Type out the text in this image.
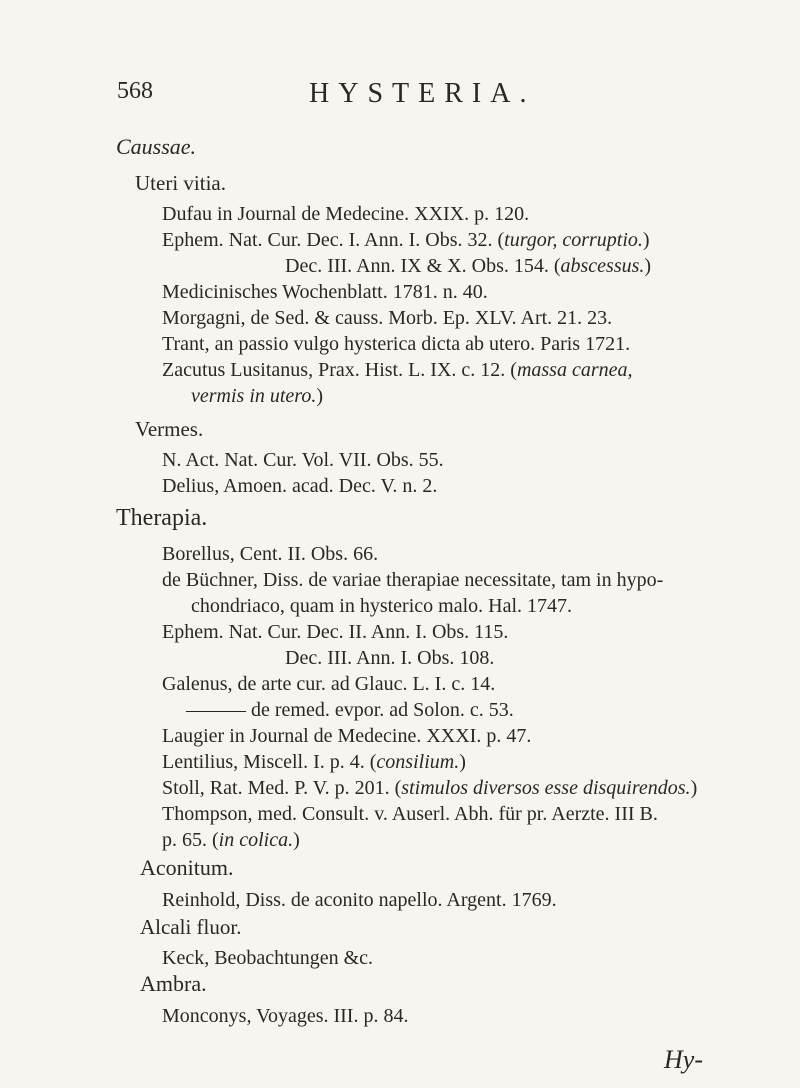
568	HYSTERIA.
Caussae.
Uteri vitia.
Dufau in Journal de Medecine. XXIX. p. 120.
Ephem. Nat. Cur. Dec. I. Ann. I. Obs. 32. (turgor, corruptio.)
Dec. III. Ann. IX & X. Obs. 154. (abscessus.)
Medicinisches Wochenblatt. 1781. n. 40.
Morgagni, de Sed. & causs. Morb. Ep. XLV. Art. 21. 23.
Trant, an passio vulgo hysterica dicta ab utero. Paris 1721.
Zacutus Lusitanus, Prax. Hist. L. IX. c. 12. (massa carnea,
vermis in utero.)
Vermes.
N. Act. Nat. Cur. Vol. VII. Obs. 55.
Delius, Amoen. acad. Dec. V. n. 2.
Therapia.
Borellus, Cent. II. Obs. 66.
de Büchner, Diss. de variae therapiae necessitate, tam in hypo-
chondriaco, quam in hysterico malo. Hal. 1747.
Ephem. Nat. Cur. Dec. II. Ann. I. Obs. 115.
Dec. III. Ann. I. Obs. 108.
Galenus, de arte cur. ad Glauc. L. I. c. 14.
——— de remed. evpor. ad Solon. c. 53.
Laugier in Journal de Medecine. XXXI. p. 47.
Lentilius, Miscell. I. p. 4. (consilium.)
Stoll, Rat. Med. P. V. p. 201. (stimulos diversos esse disquirendos.)
Thompson, med. Consult. v. Auserl. Abh. für pr. Aerzte. III B.
p. 65. (in colica.)
Aconitum.
Reinhold, Diss. de aconito napello. Argent. 1769.
Alcali fluor.
Keck, Beobachtungen &c.
Ambra.
Monconys, Voyages. III. p. 84.
Hy-
